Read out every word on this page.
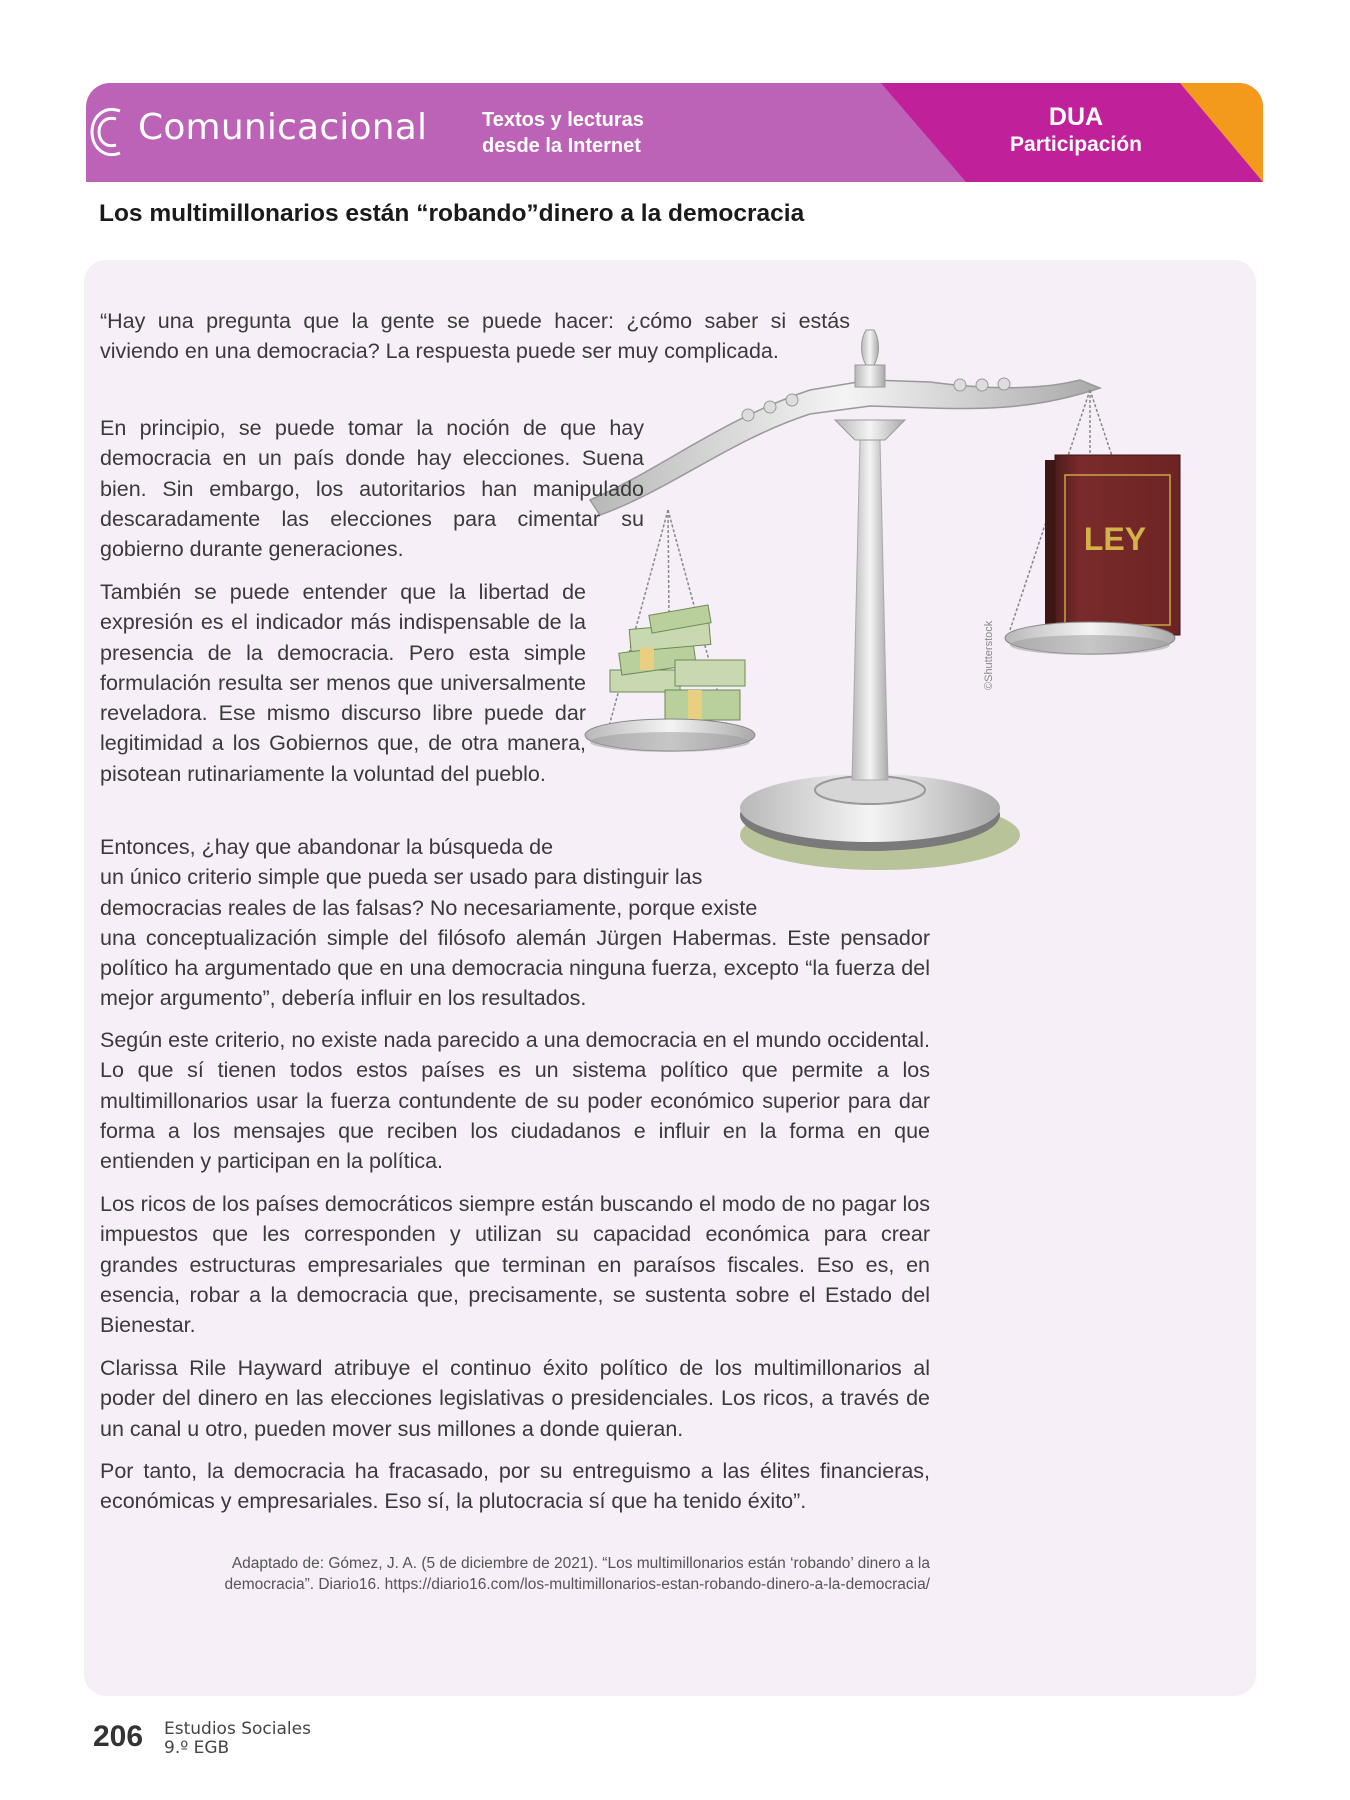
Comunicacional	Textos y lecturas
desde la Internet
DUA
Participación
Los multimillonarios están “robando”dinero a la democracia
LEY
©Shutterstock

“Hay una pregunta que la gente se puede hacer: ¿cómo saber si estás viviendo en una democracia? La respuesta puede ser muy complicada.

En principio, se puede tomar la noción de que hay democracia en un país donde hay elecciones. Suena bien. Sin embargo, los autoritarios han manipulado descaradamente las elecciones para cimentar su gobierno durante generaciones.

También se puede entender que la libertad de expresión es el indicador más indispensable de la presencia de la democracia. Pero esta simple formulación resulta ser menos que universalmente reveladora. Ese mismo discurso libre puede dar legitimidad a los Gobiernos que, de otra manera, pisotean rutinariamente la voluntad del pueblo.

Entonces, ¿hay que abandonar la búsqueda de
un único criterio simple que pueda ser usado para distinguir las
democracias reales de las falsas? No necesariamente, porque existe
una conceptualización simple del filósofo alemán Jürgen Habermas. Este pensador político ha argumentado que en una democracia ninguna fuerza, excepto “la fuerza del mejor argumento”, debería influir en los resultados.

Según este criterio, no existe nada parecido a una democracia en el mundo occidental. Lo que sí tienen todos estos países es un sistema político que permite a los multimillonarios usar la fuerza contundente de su poder económico superior para dar forma a los mensajes que reciben los ciudadanos e influir en la forma en que entienden y participan en la política.

Los ricos de los países democráticos siempre están buscando el modo de no pagar los impuestos que les corresponden y utilizan su capacidad económica para crear grandes estructuras empresariales que terminan en paraísos fiscales. Eso es, en esencia, robar a la democracia que, precisamente, se sustenta sobre el Estado del Bienestar.

Clarissa Rile Hayward atribuye el continuo éxito político de los multimillonarios al poder del dinero en las elecciones legislativas o presidenciales. Los ricos, a través de un canal u otro, pueden mover sus millones a donde quieran.

Por tanto, la democracia ha fracasado, por su entreguismo a las élites financieras, económicas y empresariales. Eso sí, la plutocracia sí que ha tenido éxito”.

Adaptado de: Gómez, J. A. (5 de diciembre de 2021). “Los multimillonarios están ‘robando’ dinero a la
democracia”. Diario16. https://diario16.com/los-multimillonarios-estan-robando-dinero-a-la-democracia/
206 Estudios Sociales
9.º EGB
